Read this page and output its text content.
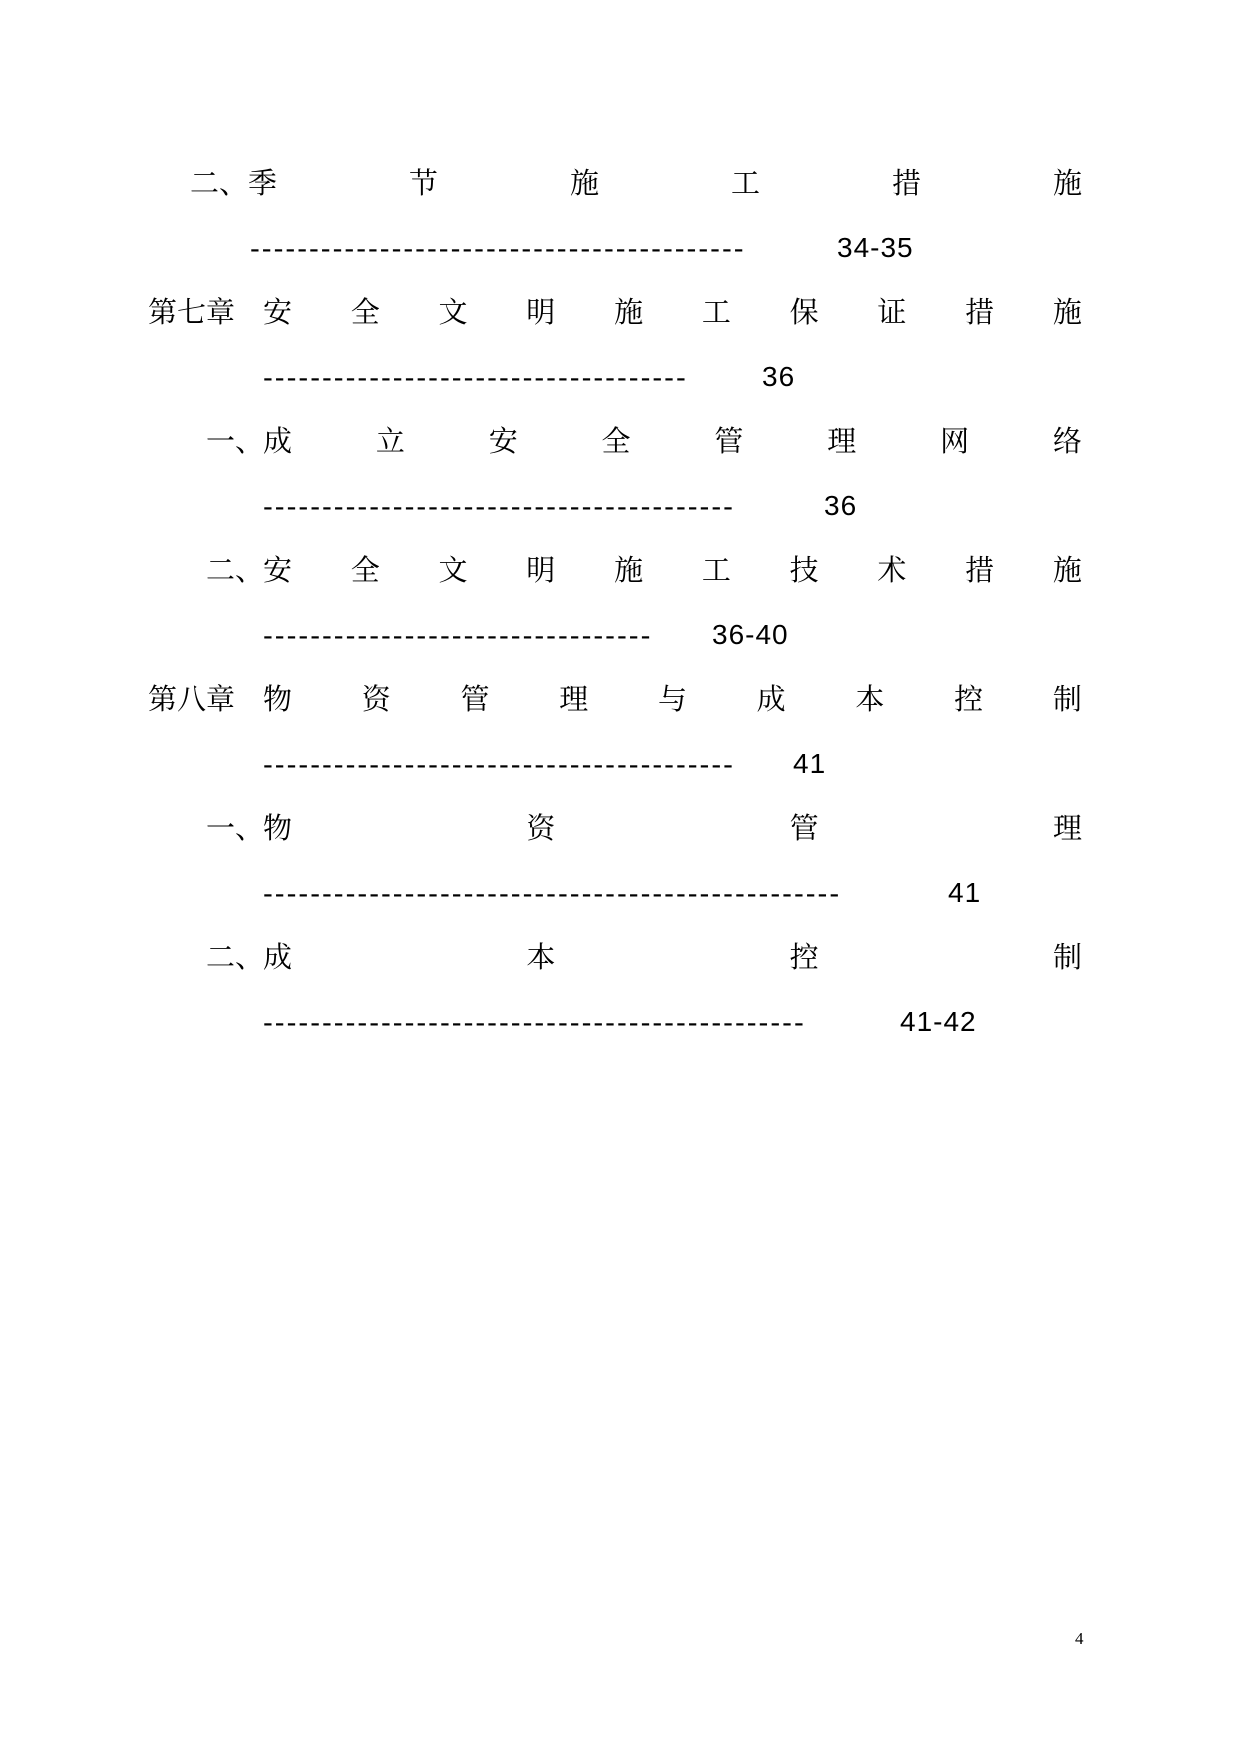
二、 季	节	施	工	措	施
------------------------------------------	34-35
第七章 安 全 文 明 施 工 保 证 措 施
------------------------------------	36
一、
成	立	安	全	管	理	网	络
----------------------------------------	36
二、
安 全 文 明 施 工 技 术 措 施
---------------------------------	36-40
第八章 物 资 管 理 与 成 本 控 制
----------------------------------------	41
一、
物	资	管	理
-------------------------------------------------	41
二、
成	本	控	制
----------------------------------------------	41-42
4
